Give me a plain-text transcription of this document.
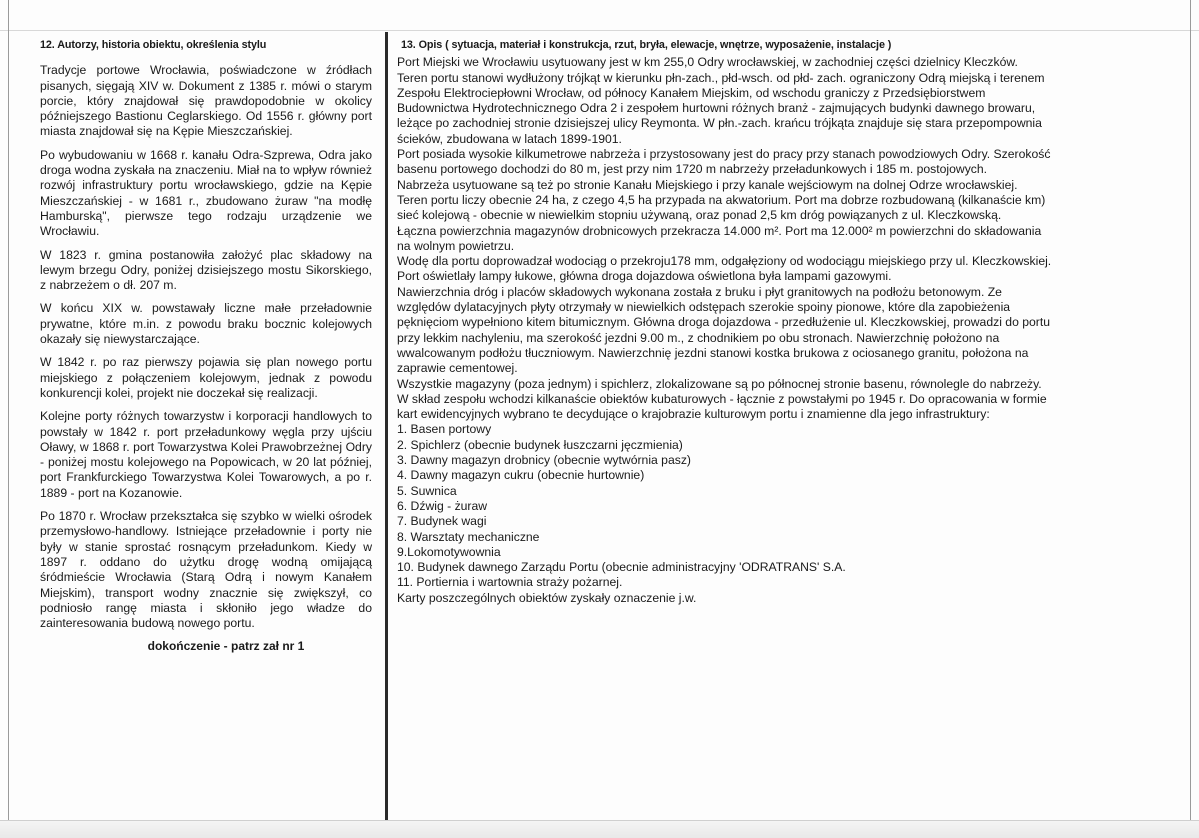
12. Autorzy, historia obiektu, określenia stylu

Tradycje portowe Wrocławia, poświadczone w źródłach pisanych, sięgają XIV w. Dokument z 1385 r. mówi o starym porcie, który znajdował się prawdopodobnie w okolicy późniejszego Bastionu Ceglarskiego. Od 1556 r. główny port miasta znajdował się na Kępie Mieszczańskiej.

Po wybudowaniu w 1668 r. kanału Odra-Szprewa, Odra jako droga wodna zyskała na znaczeniu. Miał na to wpływ również rozwój infrastruktury portu wrocławskiego, gdzie na Kępie Mieszczańskiej - w 1681 r., zbudowano żuraw "na modłę Hamburską", pierwsze tego rodzaju urządzenie we Wrocławiu.

W 1823 r. gmina postanowiła założyć plac składowy na lewym brzegu Odry, poniżej dzisiejszego mostu Sikorskiego, z nabrzeżem o dł. 207 m.

W końcu XIX w. powstawały liczne małe przeładownie prywatne, które m.in. z powodu braku bocznic kolejowych okazały się niewystarczające.

W 1842 r. po raz pierwszy pojawia się plan nowego portu miejskiego z połączeniem kolejowym, jednak z powodu konkurencji kolei, projekt nie doczekał się realizacji.

Kolejne porty różnych towarzystw i korporacji handlowych to powstały w 1842 r. port przeładunkowy węgla przy ujściu Oławy, w 1868 r. port Towarzystwa Kolei Prawobrzeżnej Odry - poniżej mostu kolejowego na Popowicach, w 20 lat później, port Frankfurckiego Towarzystwa Kolei Towarowych, a po r. 1889 - port na Kozanowie.

Po 1870 r. Wrocław przekształca się szybko w wielki ośrodek przemysłowo-handlowy. Istniejące przeładownie i porty nie były w stanie sprostać rosnącym przeładunkom. Kiedy w 1897 r. oddano do użytku drogę wodną omijającą śródmieście Wrocławia (Starą Odrą i nowym Kanałem Miejskim), transport wodny znacznie się zwiększył, co podniosło rangę miasta i skłoniło jego władze do zainteresowania budową nowego portu.

dokończenie - patrz zał nr 1
13. Opis ( sytuacja, materiał i konstrukcja, rzut, bryła, elewacje, wnętrze, wyposażenie, instalacje )
Port Miejski we Wrocławiu usytuowany jest w km 255,0 Odry wrocławskiej, w zachodniej części dzielnicy Kleczków.
Teren portu stanowi wydłużony trójkąt w kierunku płn-zach., płd-wsch. od płd- zach. ograniczony Odrą miejską i terenem
Zespołu Elektrociepłowni Wrocław, od północy Kanałem Miejskim, od wschodu graniczy z Przedsiębiorstwem
Budownictwa Hydrotechnicznego Odra 2 i zespołem hurtowni różnych branż - zajmujących budynki dawnego browaru,
leżące po zachodniej stronie dzisiejszej ulicy Reymonta. W płn.-zach. krańcu trójkąta znajduje się stara przepompownia
ścieków, zbudowana w latach 1899-1901.
Port posiada wysokie kilkumetrowe nabrzeża i przystosowany jest do pracy przy stanach powodziowych Odry. Szerokość
basenu portowego dochodzi do 80 m, jest przy nim 1720 m nabrzeży przeładunkowych i 185 m. postojowych.
Nabrzeża usytuowane są też po stronie Kanału Miejskiego i przy kanale wejściowym na dolnej Odrze wrocławskiej.
Teren portu liczy obecnie 24 ha, z czego 4,5 ha przypada na akwatorium. Port ma dobrze rozbudowaną (kilkanaście km)
sieć kolejową - obecnie w niewielkim stopniu używaną, oraz ponad 2,5 km dróg powiązanych z ul. Kleczkowską.
Łączna powierzchnia magazynów drobnicowych przekracza 14.000 m². Port ma 12.000² m powierzchni do składowania
na wolnym powietrzu.
Wodę dla portu doprowadzał wodociąg o przekroju178 mm, odgałęziony od wodociągu miejskiego przy ul. Kleczkowskiej.
Port oświetlały lampy łukowe, główna droga dojazdowa oświetlona była lampami gazowymi.
Nawierzchnia dróg i placów składowych wykonana została z bruku i płyt granitowych na podłożu betonowym. Ze
względów dylatacyjnych płyty otrzymały w niewielkich odstępach szerokie spoiny pionowe, które dla zapobieżenia
pęknięciom wypełniono kitem bitumicznym. Główna droga dojazdowa - przedłużenie ul. Kleczkowskiej, prowadzi do portu
przy lekkim nachyleniu, ma szerokość jezdni 9.00 m., z chodnikiem po obu stronach. Nawierzchnię położono na
wwalcowanym podłożu tłuczniowym. Nawierzchnię jezdni stanowi kostka brukowa z ociosanego granitu, położona na
zaprawie cementowej.
Wszystkie magazyny (poza jednym) i spichlerz, zlokalizowane są po północnej stronie basenu, równolegle do nabrzeży.
W skład zespołu wchodzi kilkanaście obiektów kubaturowych - łącznie z powstałymi po 1945 r. Do opracowania w formie
kart ewidencyjnych wybrano te decydujące o krajobrazie kulturowym portu i znamienne dla jego infrastruktury:
1. Basen portowy
2. Spichlerz (obecnie budynek łuszczarni jęczmienia)
3. Dawny magazyn drobnicy (obecnie wytwórnia pasz)
4. Dawny magazyn cukru (obecnie hurtownie)
5. Suwnica
6. Dźwig - żuraw
7. Budynek wagi
8. Warsztaty mechaniczne
9.Lokomotywownia
10. Budynek dawnego Zarządu Portu (obecnie administracyjny 'ODRATRANS' S.A.
11. Portiernia i wartownia straży pożarnej.
Karty poszczególnych obiektów zyskały oznaczenie j.w.
